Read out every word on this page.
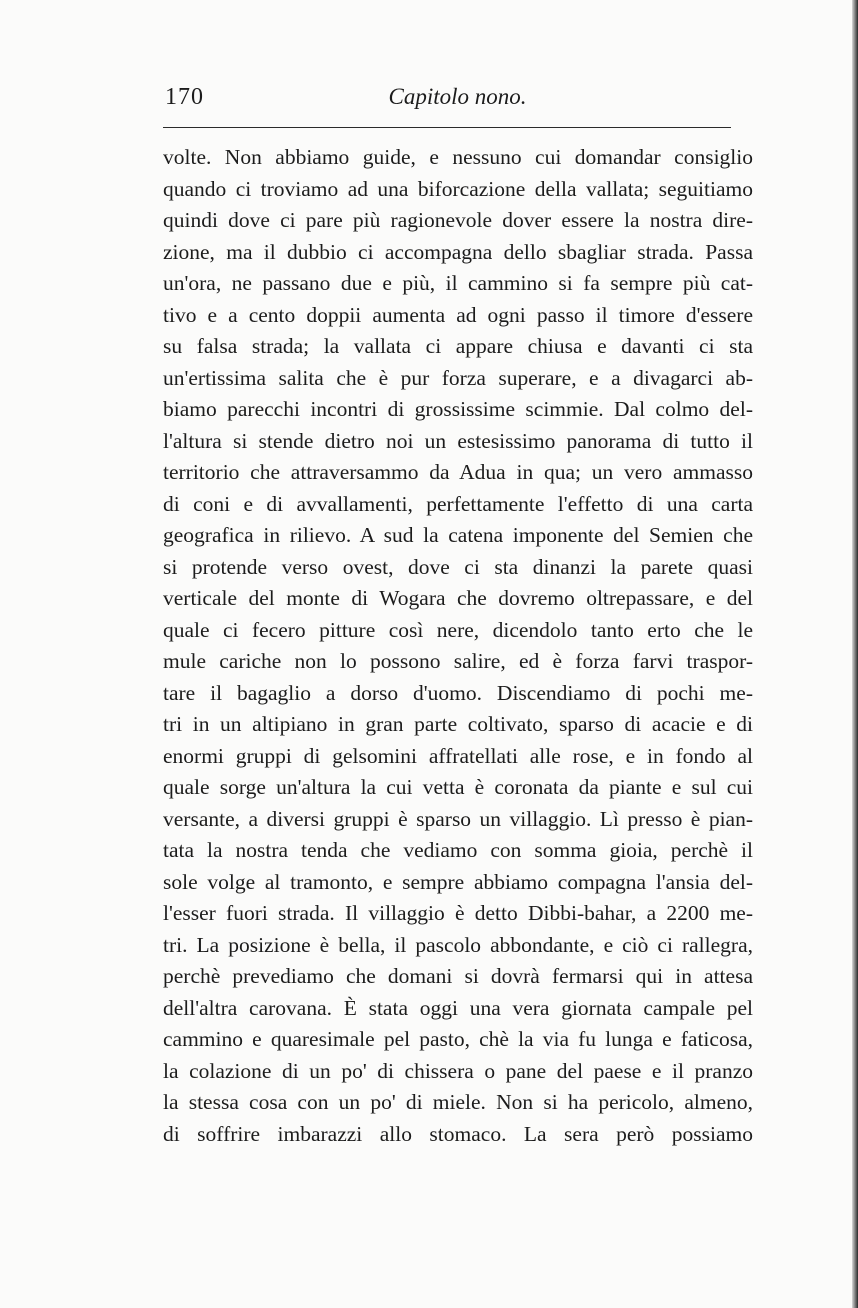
170	Capitolo nono.
volte. Non abbiamo guide, e nessuno cui domandar consiglio
quando ci troviamo ad una biforcazione della vallata; seguitiamo
quindi dove ci pare più ragionevole dover essere la nostra dire-
zione, ma il dubbio ci accompagna dello sbagliar strada. Passa
un'ora, ne passano due e più, il cammino si fa sempre più cat-
tivo e a cento doppii aumenta ad ogni passo il timore d'essere
su falsa strada; la vallata ci appare chiusa e davanti ci sta
un'ertissima salita che è pur forza superare, e a divagarci ab-
biamo parecchi incontri di grossissime scimmie. Dal colmo del-
l'altura si stende dietro noi un estesissimo panorama di tutto il
territorio che attraversammo da Adua in qua; un vero ammasso
di coni e di avvallamenti, perfettamente l'effetto di una carta
geografica in rilievo. A sud la catena imponente del Semien che
si protende verso ovest, dove ci sta dinanzi la parete quasi
verticale del monte di Wogara che dovremo oltrepassare, e del
quale ci fecero pitture così nere, dicendolo tanto erto che le
mule cariche non lo possono salire, ed è forza farvi traspor-
tare il bagaglio a dorso d'uomo. Discendiamo di pochi me-
tri in un altipiano in gran parte coltivato, sparso di acacie e di
enormi gruppi di gelsomini affratellati alle rose, e in fondo al
quale sorge un'altura la cui vetta è coronata da piante e sul cui
versante, a diversi gruppi è sparso un villaggio. Lì presso è pian-
tata la nostra tenda che vediamo con somma gioia, perchè il
sole volge al tramonto, e sempre abbiamo compagna l'ansia del-
l'esser fuori strada. Il villaggio è detto Dibbi-bahar, a 2200 me-
tri. La posizione è bella, il pascolo abbondante, e ciò ci rallegra,
perchè prevediamo che domani si dovrà fermarsi qui in attesa
dell'altra carovana. È stata oggi una vera giornata campale pel
cammino e quaresimale pel pasto, chè la via fu lunga e faticosa,
la colazione di un po' di chissera o pane del paese e il pranzo
la stessa cosa con un po' di miele. Non si ha pericolo, almeno,
di soffrire imbarazzi allo stomaco. La sera però possiamo
